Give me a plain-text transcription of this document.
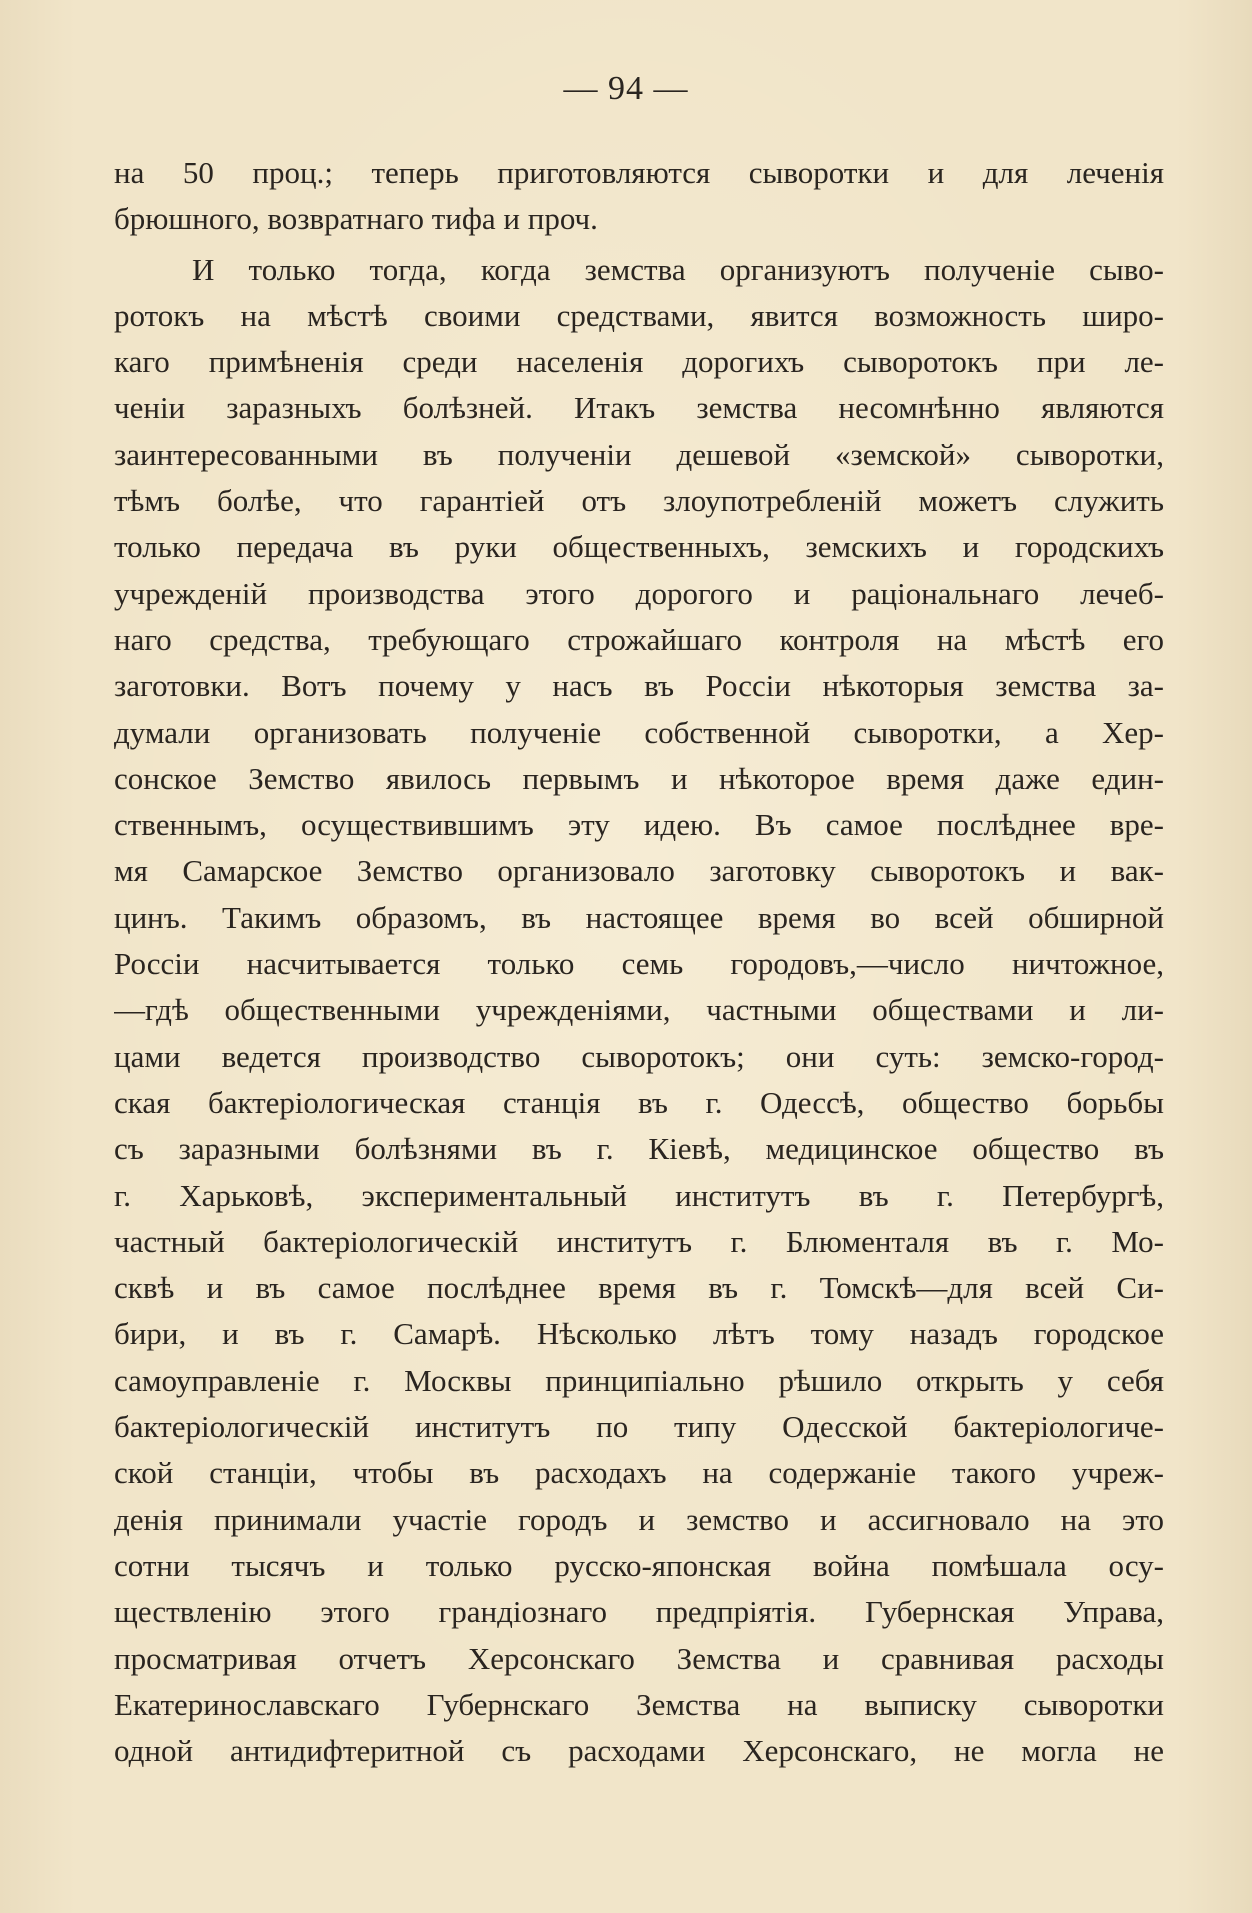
— 94 —
на 50 проц.; теперь приготовляются сыворотки и для леченія
брюшного, возвратнаго тифа и проч.
И только тогда, когда земства организуютъ полученіе сыво-
ротокъ на мѣстѣ своими средствами, явится возможность широ-
каго примѣненія среди населенія дорогихъ сыворотокъ при ле-
ченіи заразныхъ болѣзней. Итакъ земства несомнѣнно являются
заинтересованными въ полученіи дешевой «земской» сыворотки,
тѣмъ болѣе, что гарантіей отъ злоупотребленій можетъ служить
только передача въ руки общественныхъ, земскихъ и городскихъ
учрежденій производства этого дорогого и раціональнаго лечеб-
наго средства, требующаго строжайшаго контроля на мѣстѣ его
заготовки. Вотъ почему у насъ въ Россіи нѣкоторыя земства за-
думали организовать полученіе собственной сыворотки, а Хер-
сонское Земство явилось первымъ и нѣкоторое время даже един-
ственнымъ, осуществившимъ эту идею. Въ самое послѣднее вре-
мя Самарское Земство организовало заготовку сыворотокъ и вак-
цинъ. Такимъ образомъ, въ настоящее время во всей обширной
Россіи насчитывается только семь городовъ,—число ничтожное,
—гдѣ общественными учрежденіями, частными обществами и ли-
цами ведется производство сыворотокъ; они суть: земско-город-
ская бактеріологическая станція въ г. Одессѣ, общество борьбы
съ заразными болѣзнями въ г. Кіевѣ, медицинское общество въ
г. Харьковѣ, экспериментальный институтъ въ г. Петербургѣ,
частный бактеріологическій институтъ г. Блюменталя въ г. Мо-
сквѣ и въ самое послѣднее время въ г. Томскѣ—для всей Си-
бири, и въ г. Самарѣ. Нѣсколько лѣтъ тому назадъ городское
самоуправленіе г. Москвы принципіально рѣшило открыть у себя
бактеріологическій институтъ по типу Одесской бактеріологиче-
ской станціи, чтобы въ расходахъ на содержаніе такого учреж-
денія принимали участіе городъ и земство и ассигновало на это
сотни тысячъ и только русско-японская война помѣшала осу-
ществленію этого грандіознаго предпріятія. Губернская Управа,
просматривая отчетъ Херсонскаго Земства и сравнивая расходы
Екатеринославскаго Губернскаго Земства на выписку сыворотки
одной антидифтеритной съ расходами Херсонскаго, не могла не
